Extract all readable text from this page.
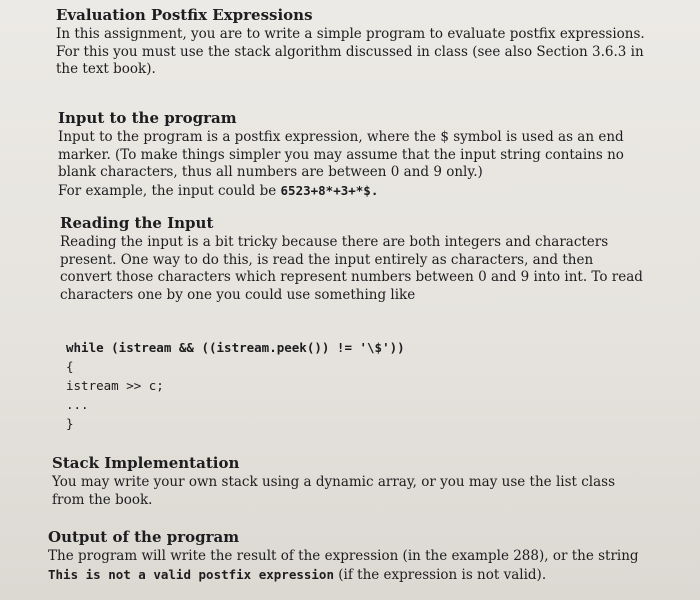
Evaluation Postfix Expressions
In this assignment, you are to write a simple program to evaluate postfix expressions.
For this you must use the stack algorithm discussed in class (see also Section 3.6.3 in
the text book).
Input to the program
Input to the program is a postfix expression, where the $ symbol is used as an end
marker. (To make things simpler you may assume that the input string contains no
blank characters, thus all numbers are between 0 and 9 only.)
For example, the input could be 6523+8*+3+*$.
Reading the Input
Reading the input is a bit tricky because there are both integers and characters
present. One way to do this, is read the input entirely as characters, and then
convert those characters which represent numbers between 0 and 9 into int. To read
characters one by one you could use something like
while (istream && ((istream.peek()) != '\$'))
{
istream >> c;
...
}
Stack Implementation
You may write your own stack using a dynamic array, or you may use the list class
from the book.
Output of the program
The program will write the result of the expression (in the example 288), or the string
This is not a valid postfix expression (if the expression is not valid).
